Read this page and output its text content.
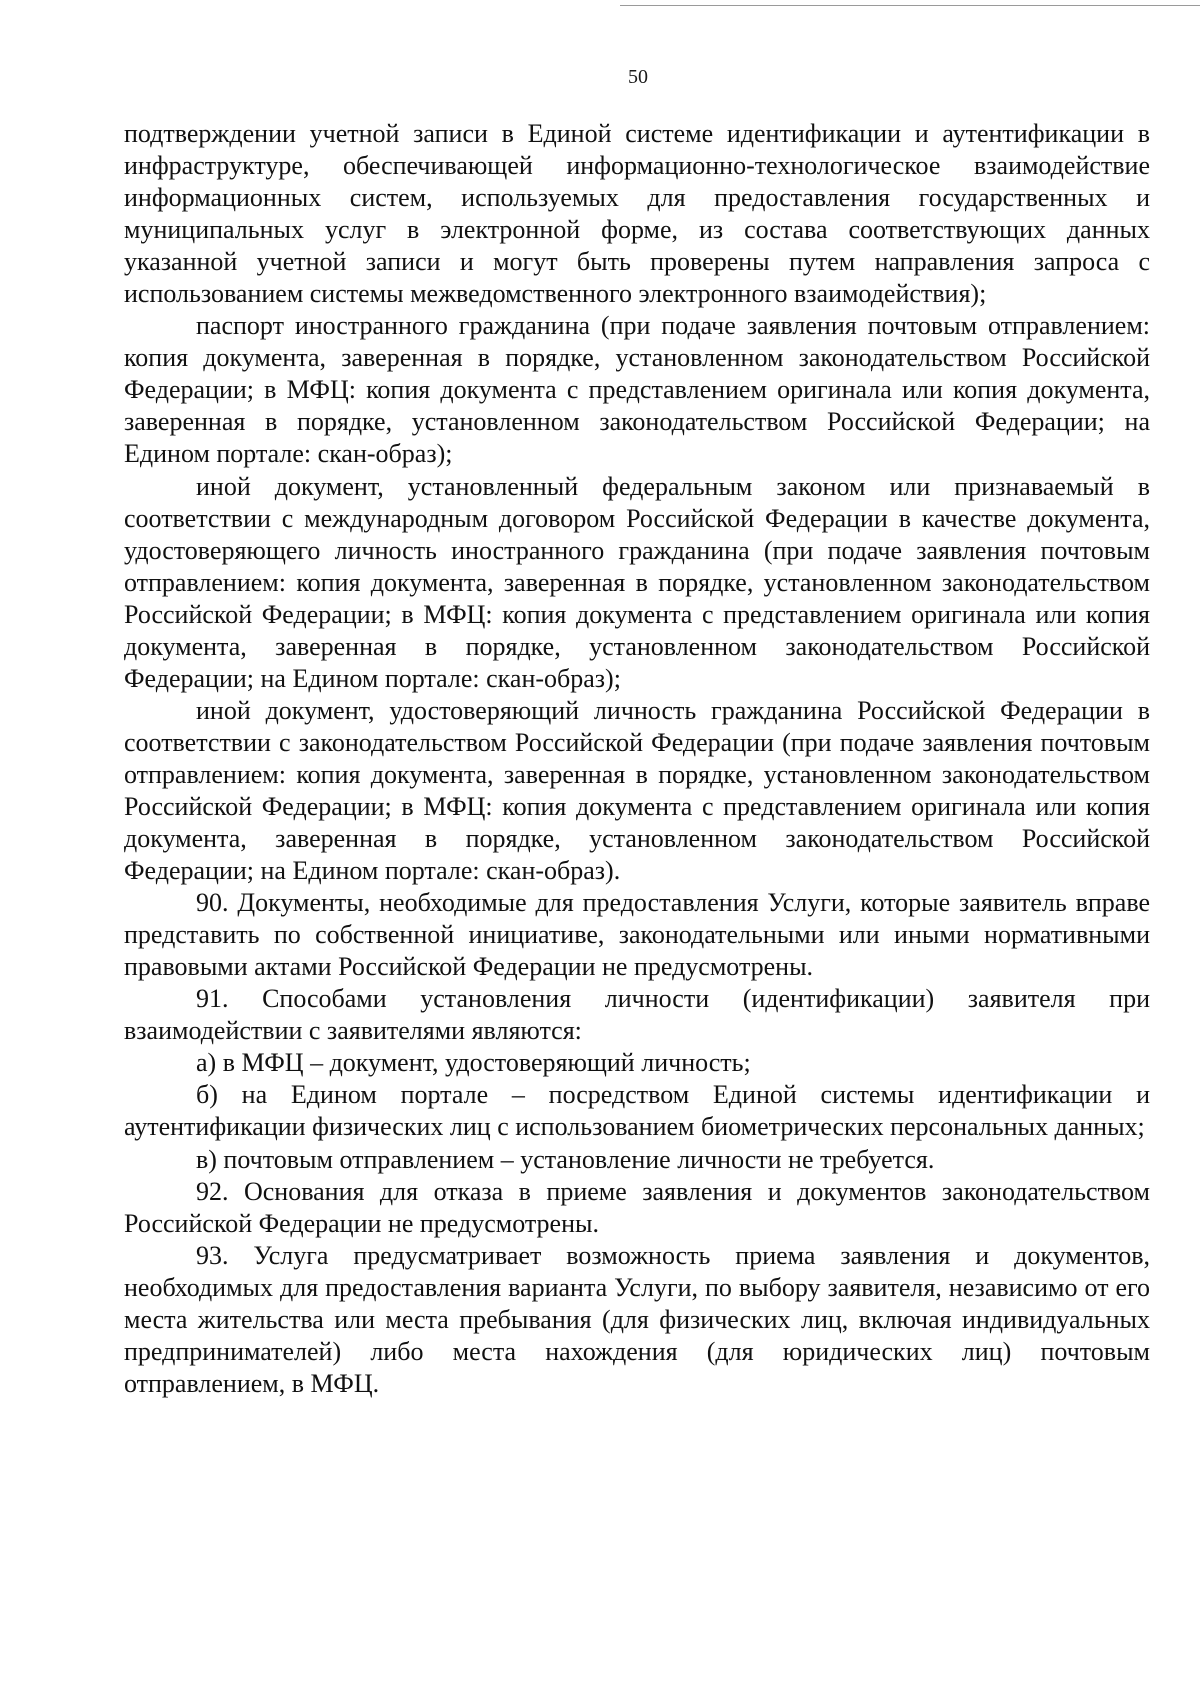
50

подтверждении учетной записи в Единой системе идентификации и аутентификации в инфраструктуре, обеспечивающей информационно-технологическое взаимодействие информационных систем, используемых для предоставления государственных и муниципальных услуг в электронной форме, из состава соответствующих данных указанной учетной записи и могут быть проверены путем направления запроса с использованием системы межведомственного электронного взаимодействия);

паспорт иностранного гражданина (при подаче заявления почтовым отправлением: копия документа, заверенная в порядке, установленном законодательством Российской Федерации; в МФЦ: копия документа с представлением оригинала или копия документа, заверенная в порядке, установленном законодательством Российской Федерации; на Едином портале: скан-образ);

иной документ, установленный федеральным законом или признаваемый в соответствии с международным договором Российской Федерации в качестве документа, удостоверяющего личность иностранного гражданина (при подаче заявления почтовым отправлением: копия документа, заверенная в порядке, установленном законодательством Российской Федерации; в МФЦ: копия документа с представлением оригинала или копия документа, заверенная в порядке, установленном законодательством Российской Федерации; на Едином портале: скан-образ);

иной документ, удостоверяющий личность гражданина Российской Федерации в соответствии с законодательством Российской Федерации (при подаче заявления почтовым отправлением: копия документа, заверенная в порядке, установленном законодательством Российской Федерации; в МФЦ: копия документа с представлением оригинала или копия документа, заверенная в порядке, установленном законодательством Российской Федерации; на Едином портале: скан-образ).

90. Документы, необходимые для предоставления Услуги, которые заявитель вправе представить по собственной инициативе, законодательными или иными нормативными правовыми актами Российской Федерации не предусмотрены.

91. Способами установления личности (идентификации) заявителя при взаимодействии с заявителями являются:

а) в МФЦ – документ, удостоверяющий личность;

б) на Едином портале – посредством Единой системы идентификации и аутентификации физических лиц с использованием биометрических персональных данных;

в) почтовым отправлением – установление личности не требуется.

92. Основания для отказа в приеме заявления и документов законодательством Российской Федерации не предусмотрены.

93. Услуга предусматривает возможность приема заявления и документов, необходимых для предоставления варианта Услуги, по выбору заявителя, независимо от его места жительства или места пребывания (для физических лиц, включая индивидуальных предпринимателей) либо места нахождения (для юридических лиц) почтовым отправлением, в МФЦ.
